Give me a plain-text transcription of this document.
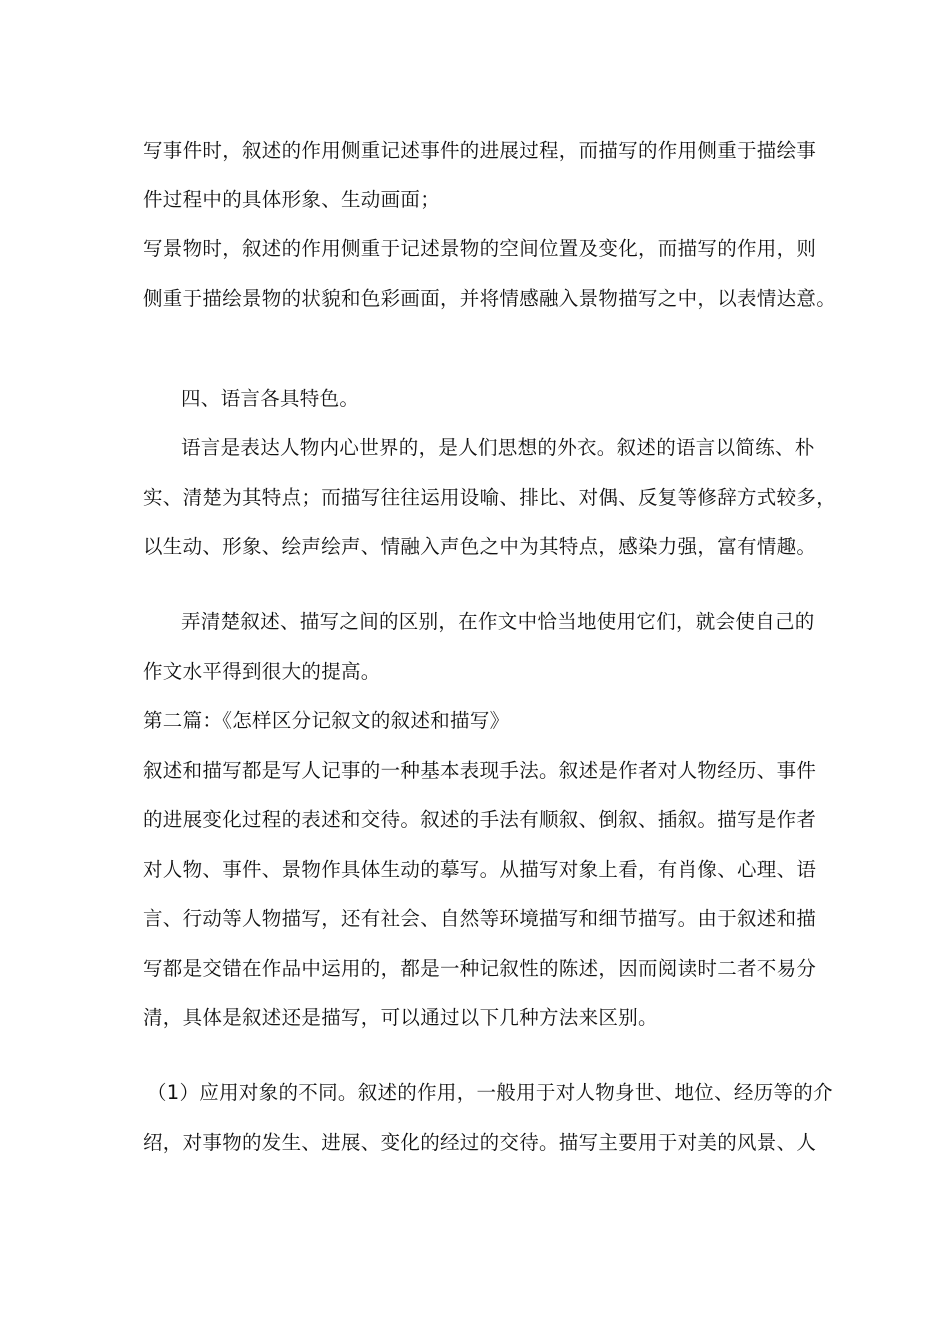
写事件时，叙述的作用侧重记述事件的进展过程，而描写的作用侧重于描绘事
件过程中的具体形象、生动画面；
写景物时，叙述的作用侧重于记述景物的空间位置及变化，而描写的作用，则
侧重于描绘景物的状貌和色彩画面，并将情感融入景物描写之中，以表情达意。
四、语言各具特色。
语言是表达人物内心世界的，是人们思想的外衣。叙述的语言以简练、朴
实、清楚为其特点；而描写往往运用设喻、排比、对偶、反复等修辞方式较多，
以生动、形象、绘声绘声、情融入声色之中为其特点，感染力强，富有情趣。
弄清楚叙述、描写之间的区别，在作文中恰当地使用它们，就会使自己的
作文水平得到很大的提高。
第二篇：《怎样区分记叙文的叙述和描写》
叙述和描写都是写人记事的一种基本表现手法。叙述是作者对人物经历、事件
的进展变化过程的表述和交待。叙述的手法有顺叙、倒叙、插叙。描写是作者
对人物、事件、景物作具体生动的摹写。从描写对象上看，有肖像、心理、语
言、行动等人物描写，还有社会、自然等环境描写和细节描写。由于叙述和描
写都是交错在作品中运用的，都是一种记叙性的陈述，因而阅读时二者不易分
清，具体是叙述还是描写，可以通过以下几种方法来区别。
（1）应用对象的不同。叙述的作用，一般用于对人物身世、地位、经历等的介
绍，对事物的发生、进展、变化的经过的交待。描写主要用于对美的风景、人
